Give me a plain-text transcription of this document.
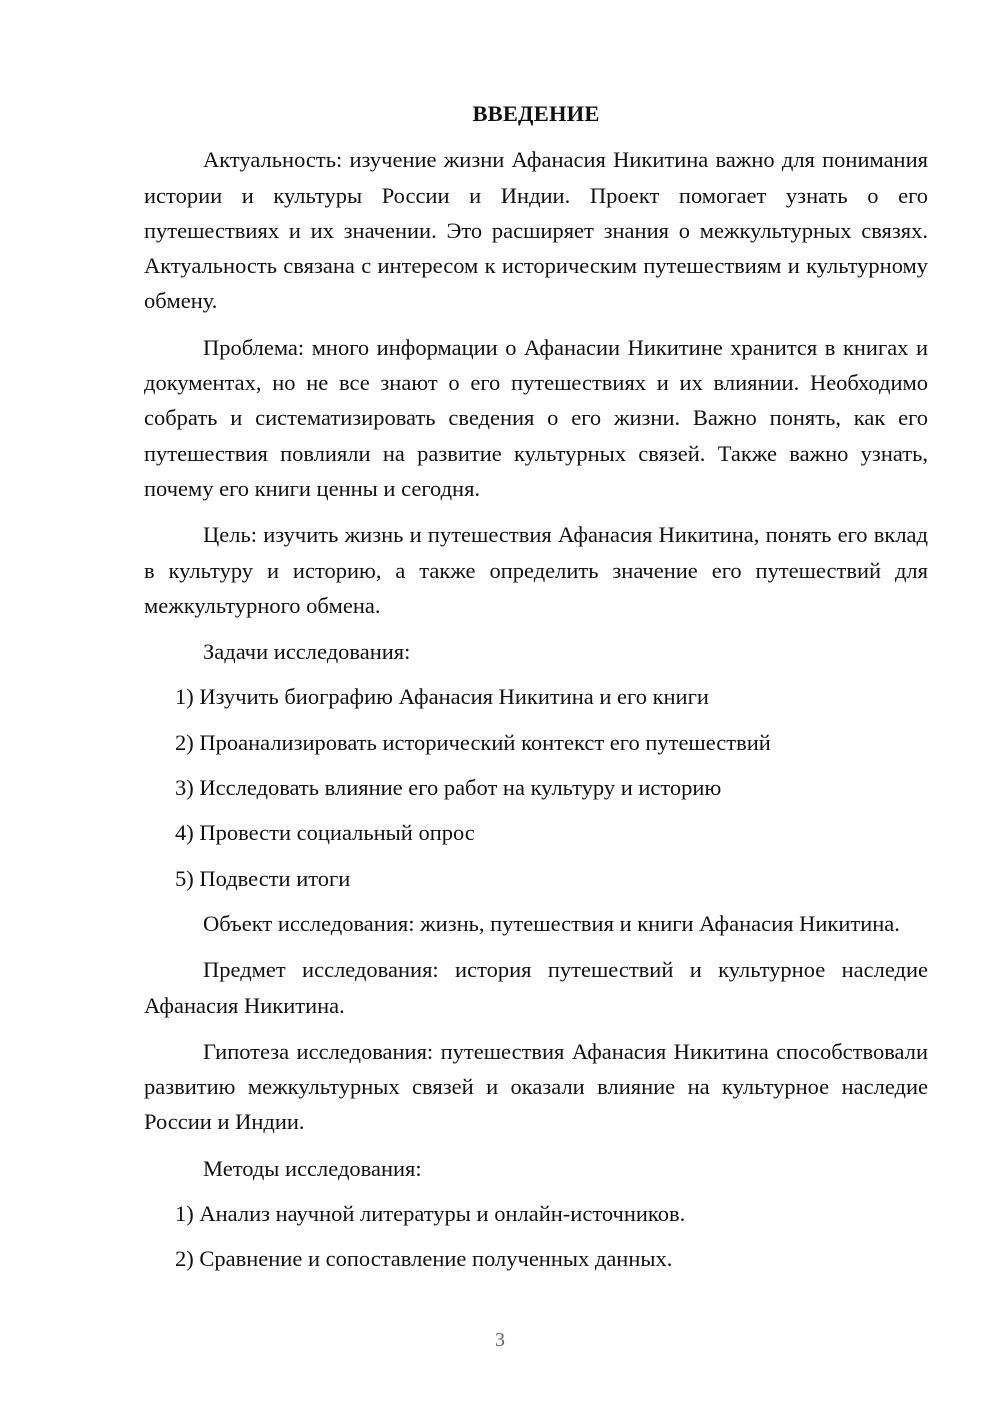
ВВЕДЕНИЕ

Актуальность: изучение жизни Афанасия Никитина важно для понимания истории и культуры России и Индии. Проект помогает узнать о его путешествиях и их значении. Это расширяет знания о межкультурных связях. Актуальность связана с интересом к историческим путешествиям и культурному обмену.

Проблема: много информации о Афанасии Никитине хранится в книгах и документах, но не все знают о его путешествиях и их влиянии. Необходимо собрать и систематизировать сведения о его жизни. Важно понять, как его путешествия повлияли на развитие культурных связей. Также важно узнать, почему его книги ценны и сегодня.

Цель: изучить жизнь и путешествия Афанасия Никитина, понять его вклад в культуру и историю, а также определить значение его путешествий для межкультурного обмена.

Задачи исследования:

1) Изучить биографию Афанасия Никитина и его книги

2) Проанализировать исторический контекст его путешествий

3) Исследовать влияние его работ на культуру и историю

4) Провести социальный опрос

5) Подвести итоги

Объект исследования: жизнь, путешествия и книги Афанасия Никитина.

Предмет исследования: история путешествий и культурное наследие Афанасия Никитина.

Гипотеза исследования: путешествия Афанасия Никитина способствовали развитию межкультурных связей и оказали влияние на культурное наследие России и Индии.

Методы исследования:

1) Анализ научной литературы и онлайн-источников.

2) Сравнение и сопоставление полученных данных.

3
